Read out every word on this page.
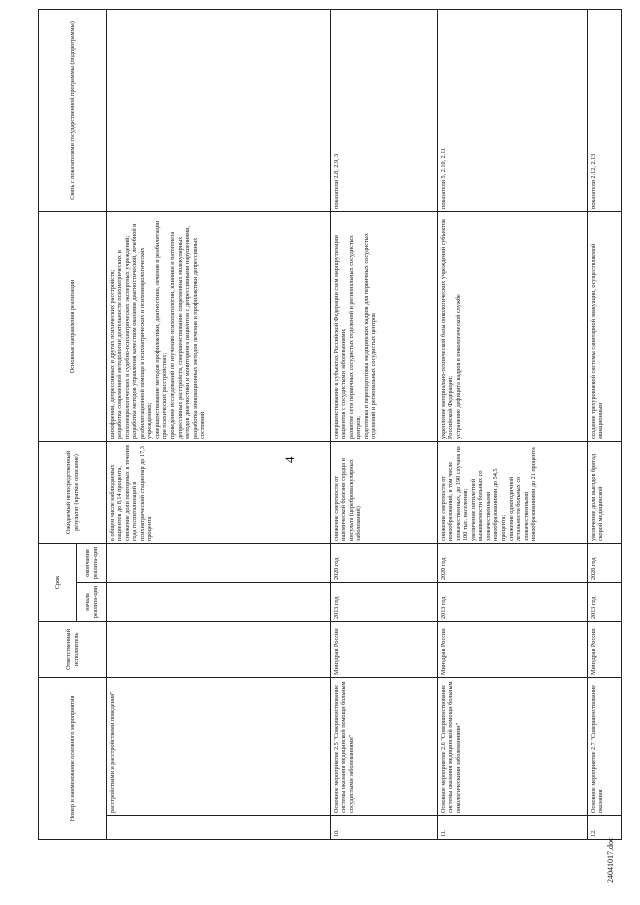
4
Номер и наименование основного мероприятия		Ответственный исполнитель	Срок		Ожидаемый непосредственный результат (краткое описание)	Основные направления реализации	Связь с показателями государственной программы (подпрограммы)
			начала реализа-ции	окончания реализа-ции			
	расстройствами и расстройствами поведения"				в общем числе наблюдаемых пациентов до 8,14 процента, снижение доли повторных в течение года госпитализаций в психиатрический стационар до 17,3 процента	шизофрении, депрессивных и других психических расстройств;
разработка современной методологии деятельности психиатрических и психоневрологических и судебно-психиатрических экспертных учреждений;
разработка методов управления качеством оказания диагностической, лечебной и реабилитационной помощи в психиатрических и психоневрологических учреждениях;
совершенствование методов профилактики, диагностики, лечения и реабилитации при психических расстройствах;
проведение исследований по изучению психопатологии, клиники и патогенеза депрессивных расстройств, совершенствование современных молекулярных методов диагностики и мониторинга пациентов с депрессивными нарушениями, разработка инновационных методов лечения и профилактики депрессивных состояний	
10.	Основное мероприятие 2.5 "Совершенствование системы оказания медицинской помощи больным сосудистыми заболеваниями"	Минздрав России	2013 год	2020 год	снижение смертности от ишемической болезни сердца и инсульта (цереброваскулярных заболеваний)	совершенствование в субъектах Российской Федерации схем маршрутизации пациентов с сосудистыми заболеваниями;
развитие сети первичных сосудистых отделений и региональных сосудистых центров;
подготовка и переподготовка медицинских кадров для первичных сосудистых отделений и региональных сосудистых центров	показатели 2.8, 2.9, 3
11.	Основное мероприятие 2.6 "Совершенствование системы оказания медицинской помощи больным онкологическими заболеваниями"	Минздрав России	2013 год	2020 год	снижение смертности от новообразований, в том числе злокачественных, до 190 случаев на 100 тыс. населения;
увеличение пятилетней выживаемости больных со злокачественными новообразованиями до 54,5 процента;
снижение одногодичной летальности больных со злокачественными новообразованиями до 21 процента	укрепление материально-технической базы онкологических учреждений субъектов Российской Федерации;
устранение дефицита кадров в онкологической службе	показатели 5, 2.10, 2.11
12.	Основное мероприятие 2.7 "Совершенствование оказания	Минздрав России	2013 год	2020 год	увеличение доли выездов бригад скорой медицинской	создание трехуровневой системы санитарной эвакуации, осуществляемой авиационным	показатели 2.12, 2.13
24041017.doc
